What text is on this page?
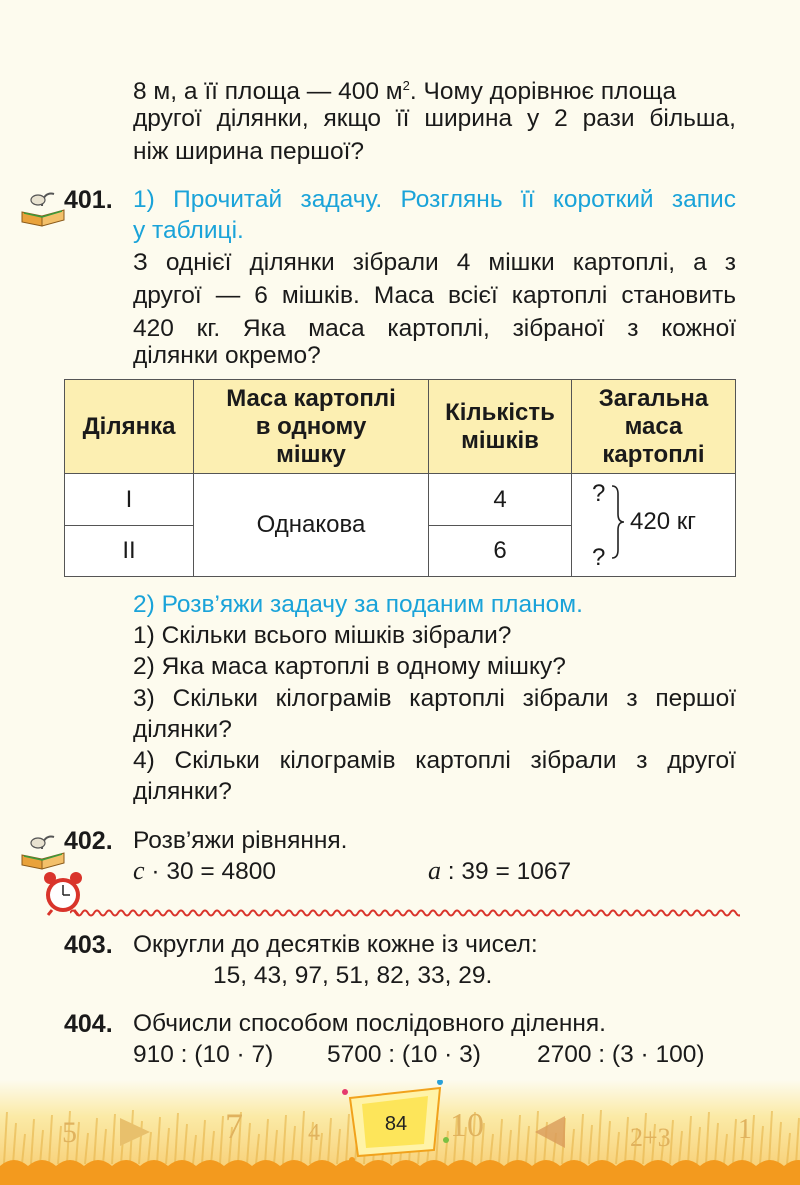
8 м, а її площа — 400 $м^2$. Чому дорівнює площа
другої ділянки, якщо її ширина у 2 рази більша,
ніж ширина першої?
401. 1) Прочитай задачу. Розглянь її короткий запис
у таблиці.
З однієї ділянки зібрали 4 мішки картоплі, а з
другої — 6 мішків. Маса всієї картоплі становить
420 кг. Яка маса картоплі, зібраної з кожної
ділянки окремо?
Ділянка	Маса картоплі
в одному
мішку	Кількість
мішків	Загальна
маса
картоплі
I	Однакова	4	?
420 кг
?

II		6	
2) Розв’яжи задачу за поданим планом.
1) Скільки всього мішків зібрали?
2) Яка маса картоплі в одному мішку?
3) Скільки кілограмів картоплі зібрали з першої
ділянки?
4) Скільки кілограмів картоплі зібрали з другої
ділянки?
402. Розв’яжи рівняння.
c · 30 = 4800	a : 39 = 1067
403. Округли до десятків кожне із чисел:
15, 43, 97, 51, 82, 33, 29.
404. Обчисли способом послідовного ділення.
910 : (10 · 7) 5700 : (10 · 3) 2700 : (3 · 100)
5	7	4	10	2+3 1
84
